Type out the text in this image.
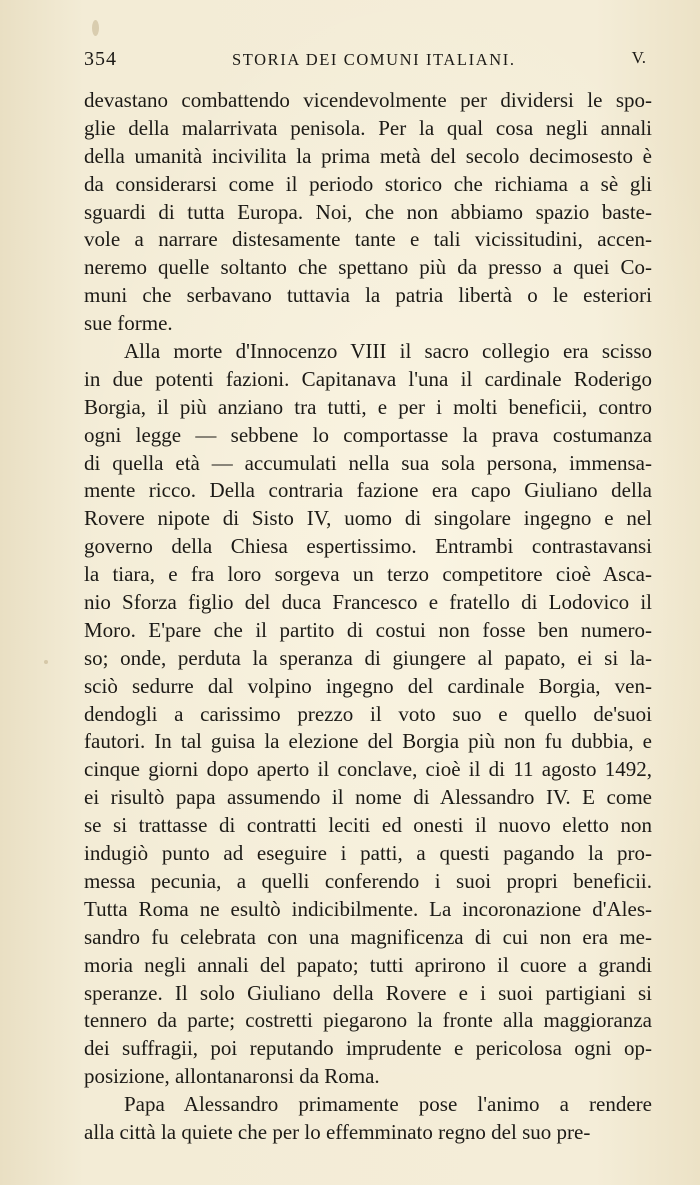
354	STORIA DEI COMUNI ITALIANI.	V.
devastano combattendo vicendevolmente per dividersi le spo-
glie della malarrivata penisola. Per la qual cosa negli annali
della umanità incivilita la prima metà del secolo decimosesto è
da considerarsi come il periodo storico che richiama a sè gli
sguardi di tutta Europa. Noi, che non abbiamo spazio baste-
vole a narrare distesamente tante e tali vicissitudini, accen-
neremo quelle soltanto che spettano più da presso a quei Co-
muni che serbavano tuttavia la patria libertà o le esteriori
sue forme.
Alla morte d'Innocenzo VIII il sacro collegio era scisso
in due potenti fazioni. Capitanava l'una il cardinale Roderigo
Borgia, il più anziano tra tutti, e per i molti beneficii, contro
ogni legge — sebbene lo comportasse la prava costumanza
di quella età — accumulati nella sua sola persona, immensa-
mente ricco. Della contraria fazione era capo Giuliano della
Rovere nipote di Sisto IV, uomo di singolare ingegno e nel
governo della Chiesa espertissimo. Entrambi contrastavansi
la tiara, e fra loro sorgeva un terzo competitore cioè Asca-
nio Sforza figlio del duca Francesco e fratello di Lodovico il
Moro. E'pare che il partito di costui non fosse ben numero-
so; onde, perduta la speranza di giungere al papato, ei si la-
sciò sedurre dal volpino ingegno del cardinale Borgia, ven-
dendogli a carissimo prezzo il voto suo e quello de'suoi
fautori. In tal guisa la elezione del Borgia più non fu dubbia, e
cinque giorni dopo aperto il conclave, cioè il di 11 agosto 1492,
ei risultò papa assumendo il nome di Alessandro IV. E come
se si trattasse di contratti leciti ed onesti il nuovo eletto non
indugiò punto ad eseguire i patti, a questi pagando la pro-
messa pecunia, a quelli conferendo i suoi propri beneficii.
Tutta Roma ne esultò indicibilmente. La incoronazione d'Ales-
sandro fu celebrata con una magnificenza di cui non era me-
moria negli annali del papato; tutti aprirono il cuore a grandi
speranze. Il solo Giuliano della Rovere e i suoi partigiani si
tennero da parte; costretti piegarono la fronte alla maggioranza
dei suffragii, poi reputando imprudente e pericolosa ogni op-
posizione, allontanaronsi da Roma.
Papa Alessandro primamente pose l'animo a rendere
alla città la quiete che per lo effemminato regno del suo pre-
